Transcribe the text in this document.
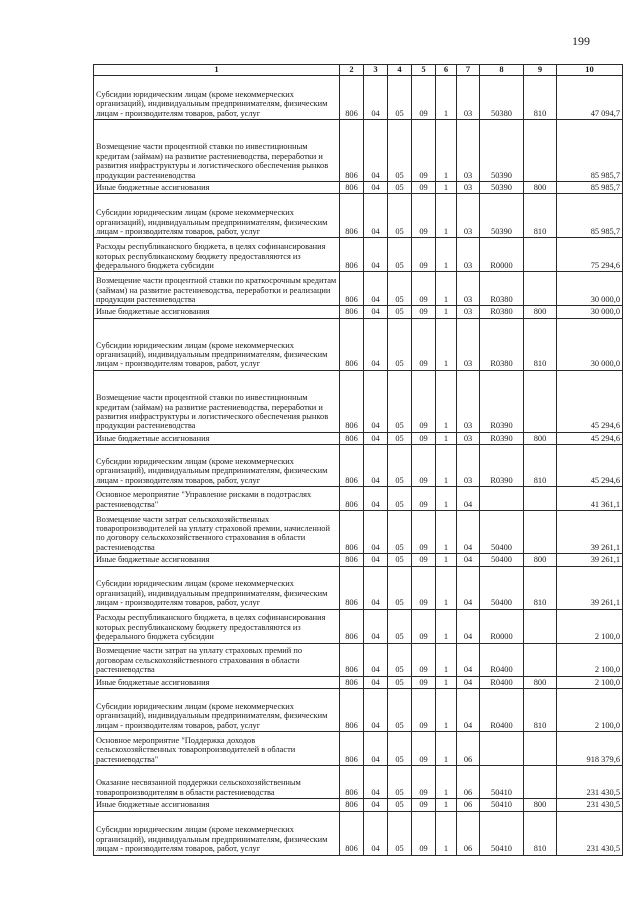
199
1	2	3	4	5	6	7	8	9	10
Субсидии юридическим лицам (кроме некоммерческих организаций), индивидуальным предпринимателям, физическим лицам - производителям товаров, работ, услуг	806	04	05	09	1	03	50380	810	47 094,7
Возмещение части процентной ставки по инвестиционным кредитам (займам) на развитие растениеводства, переработки и развития инфраструктуры и логистического обеспечения рынков продукции растениеводства	806	04	05	09	1	03	50390		85 985,7
Иные бюджетные ассигнования	806	04	05	09	1	03	50390	800	85 985,7
Субсидии юридическим лицам (кроме некоммерческих организаций), индивидуальным предпринимателям, физическим лицам - производителям товаров, работ, услуг	806	04	05	09	1	03	50390	810	85 985,7
Расходы республиканского бюджета, в целях софинансирования которых республиканскому бюджету предоставляются из федерального бюджета субсидии	806	04	05	09	1	03	R0000		75 294,6
Возмещение части процентной ставки по краткосрочным кредитам (займам) на развитие растениеводства, переработки и реализации продукции растениеводства	806	04	05	09	1	03	R0380		30 000,0
Иные бюджетные ассигнования	806	04	05	09	1	03	R0380	800	30 000,0
Субсидии юридическим лицам (кроме некоммерческих организаций), индивидуальным предпринимателям, физическим лицам - производителям товаров, работ, услуг	806	04	05	09	1	03	R0380	810	30 000,0
Возмещение части процентной ставки по инвестиционным кредитам (займам) на развитие растениеводства, переработки и развития инфраструктуры и логистического обеспечения рынков продукции растениеводства	806	04	05	09	1	03	R0390		45 294,6
Иные бюджетные ассигнования	806	04	05	09	1	03	R0390	800	45 294,6
Субсидии юридическим лицам (кроме некоммерческих организаций), индивидуальным предпринимателям, физическим лицам - производителям товаров, работ, услуг	806	04	05	09	1	03	R0390	810	45 294,6
Основное мероприятие "Управление рисками в подотраслях растениеводства"	806	04	05	09	1	04			41 361,1
Возмещение части затрат сельскохозяйственных товаропроизводителей на уплату страховой премии, начисленной по договору сельскохозяйственного страхования в области растениеводства	806	04	05	09	1	04	50400		39 261,1
Иные бюджетные ассигнования	806	04	05	09	1	04	50400	800	39 261,1
Субсидии юридическим лицам (кроме некоммерческих организаций), индивидуальным предпринимателям, физическим лицам - производителям товаров, работ, услуг	806	04	05	09	1	04	50400	810	39 261,1
Расходы республиканского бюджета, в целях софинансирования которых республиканскому бюджету предоставляются из федерального бюджета субсидии	806	04	05	09	1	04	R0000		2 100,0
Возмещение части затрат на уплату страховых премий по договорам сельскохозяйственного страхования в области растениеводства	806	04	05	09	1	04	R0400		2 100,0
Иные бюджетные ассигнования	806	04	05	09	1	04	R0400	800	2 100,0
Субсидии юридическим лицам (кроме некоммерческих организаций), индивидуальным предпринимателям, физическим лицам - производителям товаров, работ, услуг	806	04	05	09	1	04	R0400	810	2 100,0
Основное мероприятие "Поддержка доходов сельскохозяйственных товаропроизводителей в области растениеводства"	806	04	05	09	1	06			918 379,6
Оказание несвязанной поддержки сельскохозяйственным товаропроизводителям в области растениеводства	806	04	05	09	1	06	50410		231 430,5
Иные бюджетные ассигнования	806	04	05	09	1	06	50410	800	231 430,5
Субсидии юридическим лицам (кроме некоммерческих организаций), индивидуальным предпринимателям, физическим лицам - производителям товаров, работ, услуг	806	04	05	09	1	06	50410	810	231 430,5
